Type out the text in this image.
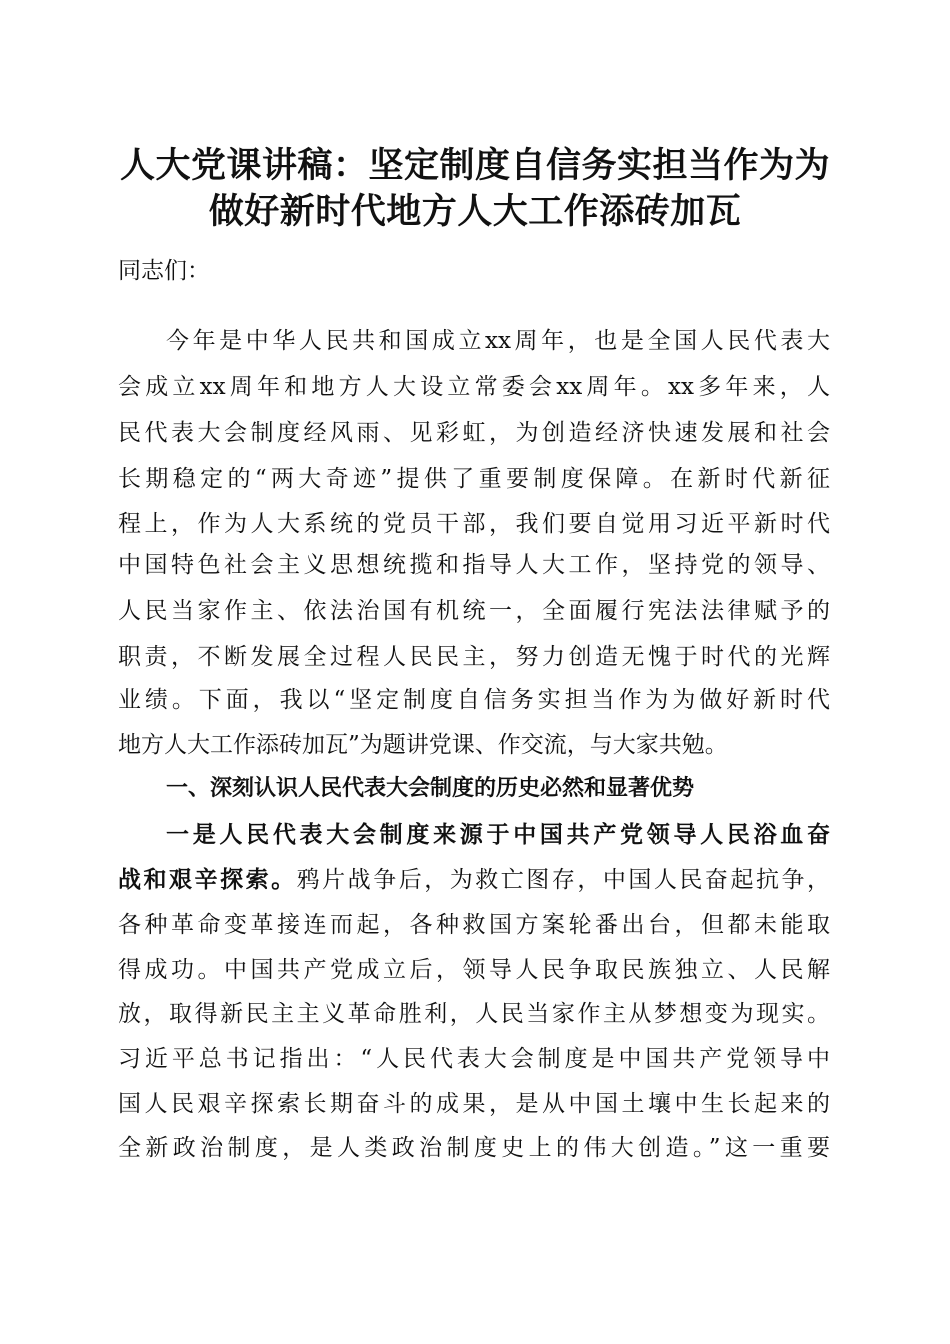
人大党课讲稿：坚定制度自信务实担当作为为
做好新时代地方人大工作添砖加瓦

同志们：

今年是中华人民共和国成立xx周年，也是全国人民代表大

会成立xx周年和地方人大设立常委会xx周年。xx多年来，人

民代表大会制度经风雨、见彩虹，为创造经济快速发展和社会

长期稳定的“两大奇迹”提供了重要制度保障。在新时代新征

程上，作为人大系统的党员干部，我们要自觉用习近平新时代

中国特色社会主义思想统揽和指导人大工作，坚持党的领导、

人民当家作主、依法治国有机统一，全面履行宪法法律赋予的

职责，不断发展全过程人民民主，努力创造无愧于时代的光辉

业绩。下面，我以“坚定制度自信务实担当作为为做好新时代

地方人大工作添砖加瓦”为题讲党课、作交流，与大家共勉。

一、深刻认识人民代表大会制度的历史必然和显著优势

一是人民代表大会制度来源于中国共产党领导人民浴血奋

战和艰辛探索。鸦片战争后，为救亡图存，中国人民奋起抗争，

各种革命变革接连而起，各种救国方案轮番出台，但都未能取

得成功。中国共产党成立后，领导人民争取民族独立、人民解

放，取得新民主主义革命胜利，人民当家作主从梦想变为现实。

习近平总书记指出：“人民代表大会制度是中国共产党领导中

国人民艰辛探索长期奋斗的成果，是从中国土壤中生长起来的

全新政治制度，是人类政治制度史上的伟大创造。”这一重要
